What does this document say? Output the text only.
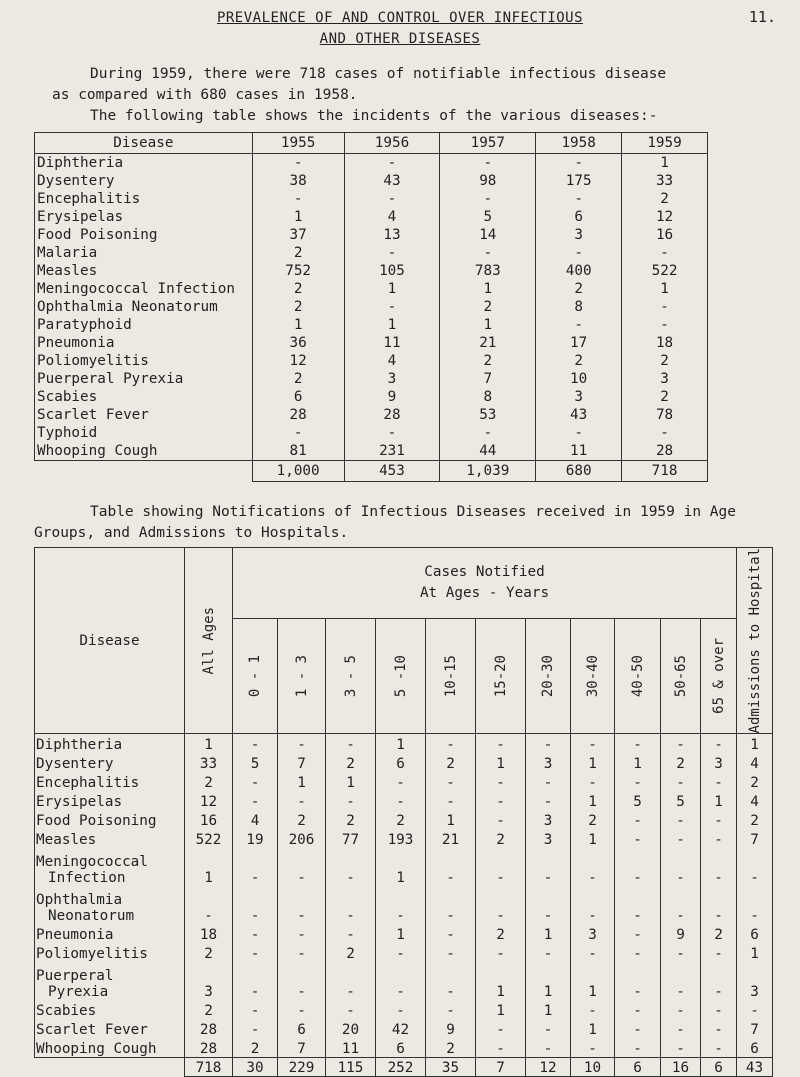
11.
PREVALENCE OF AND CONTROL OVER INFECTIOUS
AND OTHER DISEASES
During 1959, there were 718 cases of notifiable infectious disease
as compared with 680 cases in 1958.
The following table shows the incidents of the various diseases:-
Disease	1955	1956	1957	1958	1959
Diphtheria	-	-	-	-	1
Dysentery	38	43	98	175	33
Encephalitis	-	-	-	-	2
Erysipelas	1	4	5	6	12
Food Poisoning	37	13	14	3	16
Malaria	2	-	-	-	-
Measles	752	105	783	400	522
Meningococcal Infection	2	1	1	2	1
Ophthalmia Neonatorum	2	-	2	8	-
Paratyphoid	1	1	1	-	-
Pneumonia	36	11	21	17	18
Poliomyelitis	12	4	2	2	2
Puerperal Pyrexia	2	3	7	10	3
Scabies	6	9	8	3	2
Scarlet Fever	28	28	53	43	78
Typhoid	-	-	-	-	-
Whooping Cough	81	231	44	11	28
	1,000	453	1,039	680	718
Table showing Notifications of Infectious Diseases received in 1959 in Age Groups, and Admissions to Hospitals.
Disease	All Ages	Cases Notified
At Ages - Years											Admissions to Hospital

		0 - 1	1 - 3	3 - 5	5 -10	10-15	15-20	20-30	30-40	40-50	50-65	65 & over	

Diphtheria	1	-	-	-	1	-	-	-	-	-	-	-	1

Dysentery	33	5	7	2	6	2	1	3	1	1	2	3	4

Encephalitis	2	-	1	1	-	-	-	-	-	-	-	-	2

Erysipelas	12	-	-	-	-	-	-	-	1	5	5	1	4

Food Poisoning	16	4	2	2	2	1	-	3	2	-	-	-	2

Measles	522	19	206	77	193	21	2	3	1	-	-	-	7

Meningococcal
Infection	1	-	-	-	1	-	-	-	-	-	-	-	-

Ophthalmia
Neonatorum	-	-	-	-	-	-	-	-	-	-	-	-	-

Pneumonia	18	-	-	-	1	-	2	1	3	-	9	2	6

Poliomyelitis	2	-	-	2	-	-	-	-	-	-	-	-	1

Puerperal
Pyrexia	3	-	-	-	-	-	1	1	1	-	-	-	3

Scabies	2	-	-	-	-	-	1	1	-	-	-	-	-

Scarlet Fever	28	-	6	20	42	9	-	-	1	-	-	-	7

Whooping Cough	28	2	7	11	6	2	-	-	-	-	-	-	6
	718	30	229	115	252	35	7	12	10	6	16	6	43
